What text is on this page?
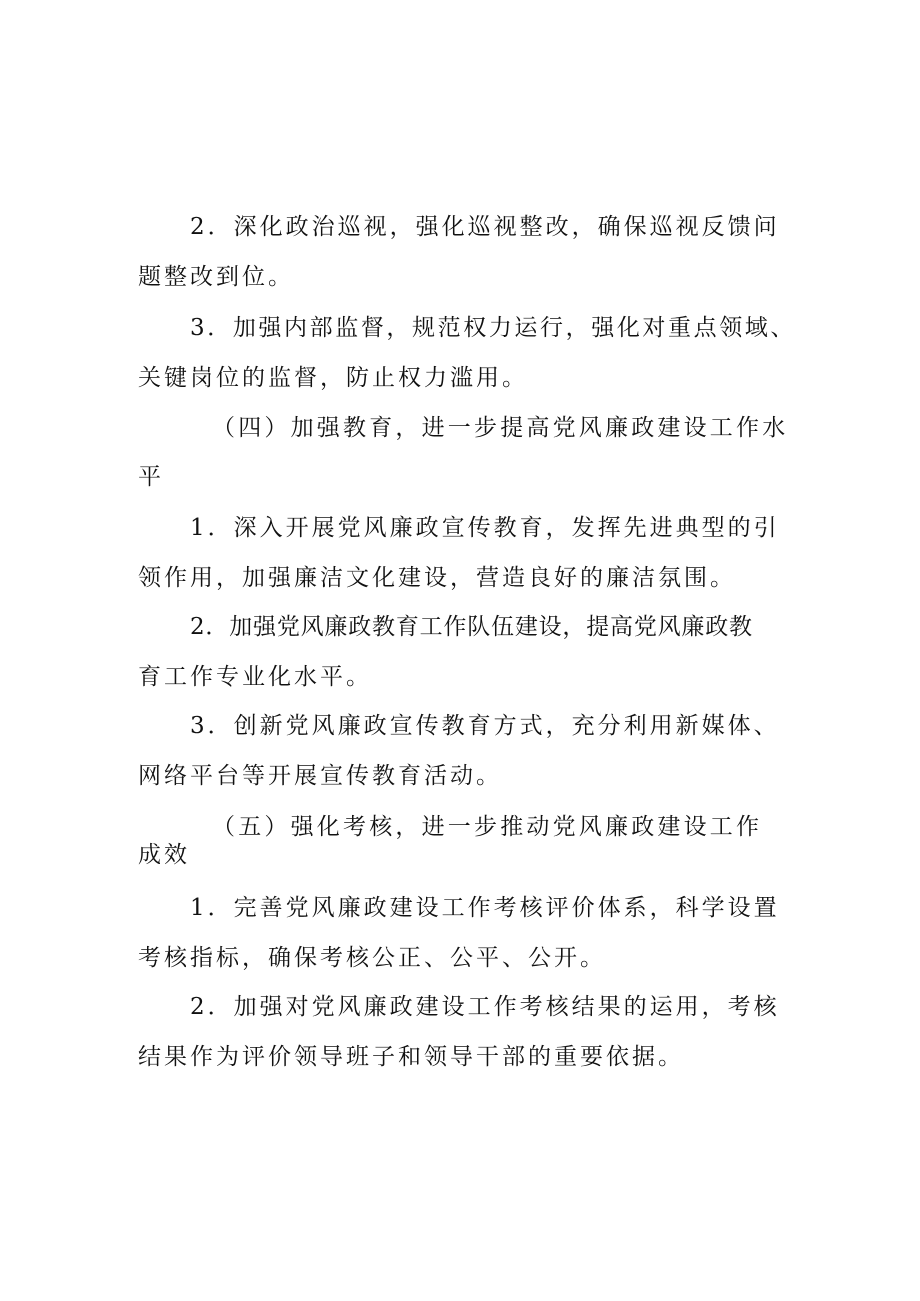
2．深化政治巡视，强化巡视整改，确保巡视反馈问
题整改到位。
3．加强内部监督，规范权力运行，强化对重点领域、
关键岗位的监督，防止权力滥用。
（四）加强教育，进一步提高党风廉政建设工作水
平
1．深入开展党风廉政宣传教育，发挥先进典型的引
领作用，加强廉洁文化建设，营造良好的廉洁氛围。
2．加强党风廉政教育工作队伍建设，提高党风廉政教
育工作专业化水平。
3．创新党风廉政宣传教育方式，充分利用新媒体、
网络平台等开展宣传教育活动。
（五）强化考核，进一步推动党风廉政建设工作
成效
1．完善党风廉政建设工作考核评价体系，科学设置
考核指标，确保考核公正、公平、公开。
2．加强对党风廉政建设工作考核结果的运用，考核
结果作为评价领导班子和领导干部的重要依据。
